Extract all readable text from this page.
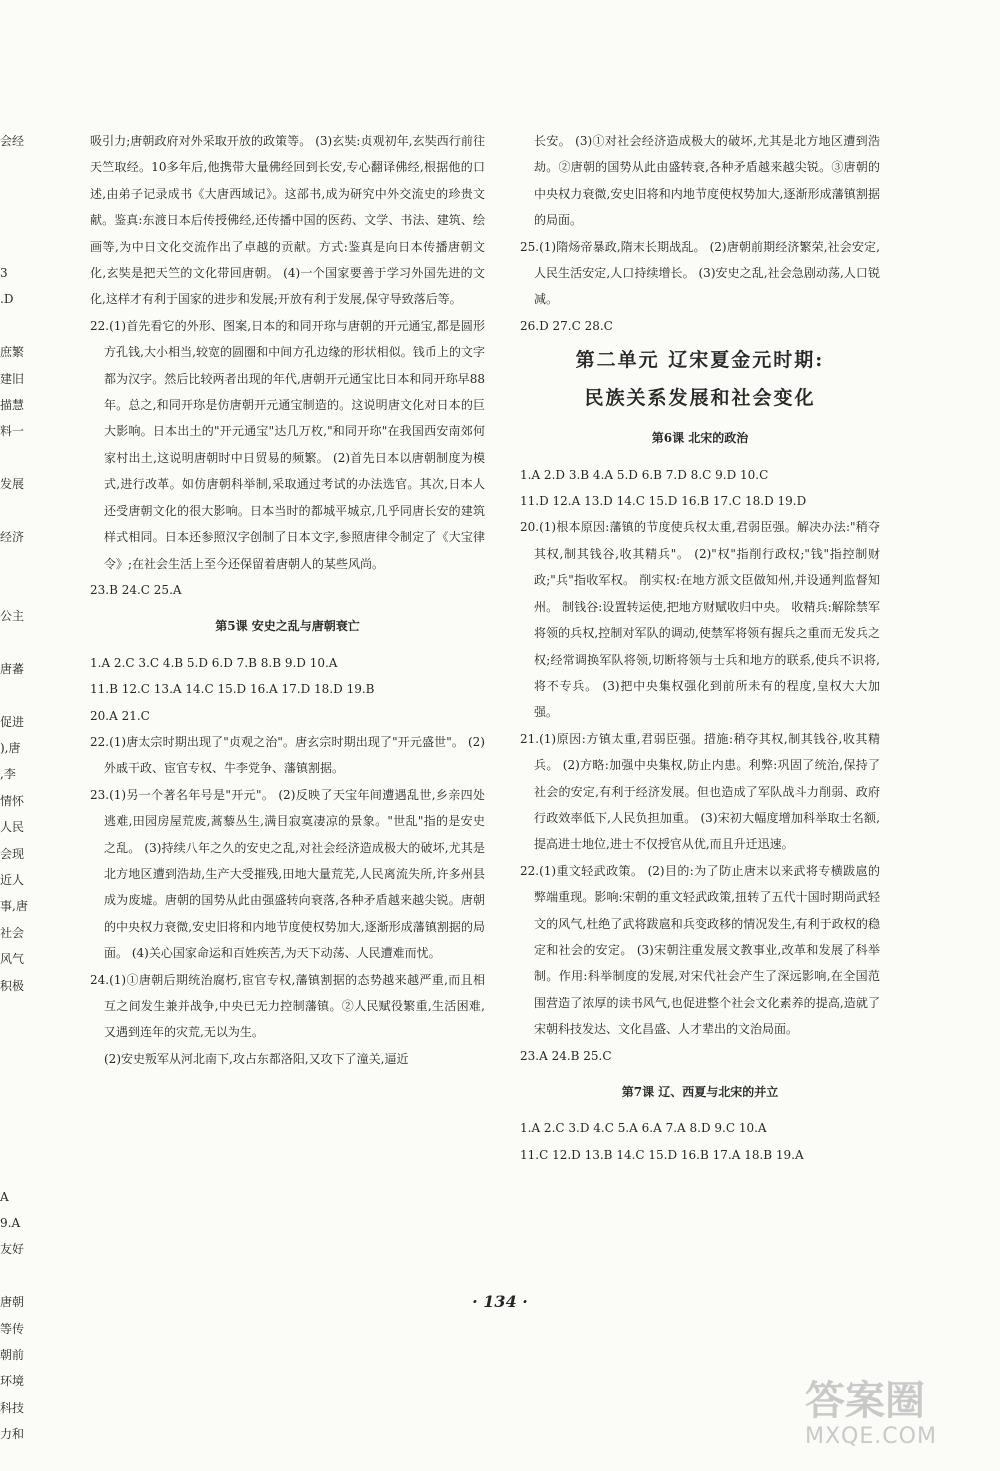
会经
3
.D
庶繁
建旧
描慧
料一
发展
经济
公主
唐蕃
促进
),唐
,李
情怀
人民
会现
近人
事,唐
社会
风气
积极
A
9.A
友好
唐朝
等传
朝前
环境
科技
力和

吸引力;唐朝政府对外采取开放的政策等。 (3)玄奘:贞观初年,玄奘西行前往天竺取经。10多年后,他携带大量佛经回到长安,专心翻译佛经,根据他的口述,由弟子记录成书《大唐西域记》。这部书,成为研究中外交流史的珍贵文献。鉴真:东渡日本后传授佛经,还传播中国的医药、文学、书法、建筑、绘画等,为中日文化交流作出了卓越的贡献。方式:鉴真是向日本传播唐朝文化,玄奘是把天竺的文化带回唐朝。 (4)一个国家要善于学习外国先进的文化,这样才有利于国家的进步和发展;开放有利于发展,保守导致落后等。

22.(1)首先看它的外形、图案,日本的和同开珎与唐朝的开元通宝,都是圆形方孔钱,大小相当,较宽的圆圈和中间方孔边缘的形状相似。钱币上的文字都为汉字。然后比较两者出现的年代,唐朝开元通宝比日本和同开珎早88年。总之,和同开珎是仿唐朝开元通宝制造的。这说明唐文化对日本的巨大影响。日本出土的"开元通宝"达几万枚,"和同开珎"在我国西安南郊何家村出土,这说明唐朝时中日贸易的频繁。 (2)首先日本以唐朝制度为模式,进行改革。如仿唐朝科举制,采取通过考试的办法选官。其次,日本人还受唐朝文化的很大影响。日本当时的都城平城京,几乎同唐长安的建筑样式相同。日本还参照汉字创制了日本文字,参照唐律令制定了《大宝律令》;在社会生活上至今还保留着唐朝人的某些风尚。

23.B 24.C 25.A

第5课 安史之乱与唐朝衰亡

1.A 2.C 3.C 4.B 5.D 6.D 7.B 8.B 9.D 10.A

11.B 12.C 13.A 14.C 15.D 16.A 17.D 18.D 19.B

20.A 21.C

22.(1)唐太宗时期出现了"贞观之治"。唐玄宗时期出现了"开元盛世"。 (2)外戚干政、宦官专权、牛李党争、藩镇割据。

23.(1)另一个著名年号是"开元"。 (2)反映了天宝年间遭遇乱世,乡亲四处逃难,田园房屋荒废,蒿藜丛生,满目寂寞凄凉的景象。"世乱"指的是安史之乱。 (3)持续八年之久的安史之乱,对社会经济造成极大的破坏,尤其是北方地区遭到浩劫,生产大受摧残,田地大量荒芜,人民离流失所,许多州县成为废墟。唐朝的国势从此由强盛转向衰落,各种矛盾越来越尖锐。唐朝的中央权力衰微,安史旧将和内地节度使权势加大,逐渐形成藩镇割据的局面。 (4)关心国家命运和百姓疾苦,为天下动荡、人民遭难而忧。

24.(1)①唐朝后期统治腐朽,宦官专权,藩镇割据的态势越来越严重,而且相互之间发生兼并战争,中央已无力控制藩镇。②人民赋役繁重,生活困难,又遇到连年的灾荒,无以为生。

(2)安史叛军从河北南下,攻占东都洛阳,又攻下了潼关,逼近

长安。 (3)①对社会经济造成极大的破坏,尤其是北方地区遭到浩劫。②唐朝的国势从此由盛转衰,各种矛盾越来越尖锐。③唐朝的中央权力衰微,安史旧将和内地节度使权势加大,逐渐形成藩镇割据的局面。

25.(1)隋炀帝暴政,隋末长期战乱。 (2)唐朝前期经济繁荣,社会安定,人民生活安定,人口持续增长。 (3)安史之乱,社会急剧动荡,人口锐减。

26.D 27.C 28.C

第二单元 辽宋夏金元时期:
民族关系发展和社会变化
第6课 北宋的政治

1.A 2.D 3.B 4.A 5.D 6.B 7.D 8.C 9.D 10.C

11.D 12.A 13.D 14.C 15.D 16.B 17.C 18.D 19.D

20.(1)根本原因:藩镇的节度使兵权太重,君弱臣强。解决办法:"稍夺其权,制其钱谷,收其精兵"。 (2)"权"指削行政权;"钱"指控制财政;"兵"指收军权。 削实权:在地方派文臣做知州,并设通判监督知州。 制钱谷:设置转运使,把地方财赋收归中央。 收精兵:解除禁军将领的兵权,控制对军队的调动,使禁军将领有握兵之重而无发兵之权;经常调换军队将领,切断将领与士兵和地方的联系,使兵不识将,将不专兵。 (3)把中央集权强化到前所未有的程度,皇权大大加强。

21.(1)原因:方镇太重,君弱臣强。措施:稍夺其权,制其钱谷,收其精兵。 (2)方略:加强中央集权,防止内患。利弊:巩固了统治,保持了社会的安定,有利于经济发展。但也造成了军队战斗力削弱、政府行政效率低下,人民负担加重。 (3)宋初大幅度增加科举取士名额,提高进士地位,进士不仅授官从优,而且升迁迅速。

22.(1)重文轻武政策。 (2)目的:为了防止唐末以来武将专横跋扈的弊端重现。影响:宋朝的重文轻武政策,扭转了五代十国时期尚武轻文的风气,杜绝了武将跋扈和兵变政移的情况发生,有利于政权的稳定和社会的安定。 (3)宋朝注重发展文教事业,改革和发展了科举制。作用:科举制度的发展,对宋代社会产生了深远影响,在全国范围营造了浓厚的读书风气,也促进整个社会文化素养的提高,造就了宋朝科技发达、文化昌盛、人才辈出的文治局面。

23.A 24.B 25.C

第7课 辽、西夏与北宋的并立

1.A 2.C 3.D 4.C 5.A 6.A 7.A 8.D 9.C 10.A

11.C 12.D 13.B 14.C 15.D 16.B 17.A 18.B 19.A

· 134 ·
答案圈
MXQE.COM
